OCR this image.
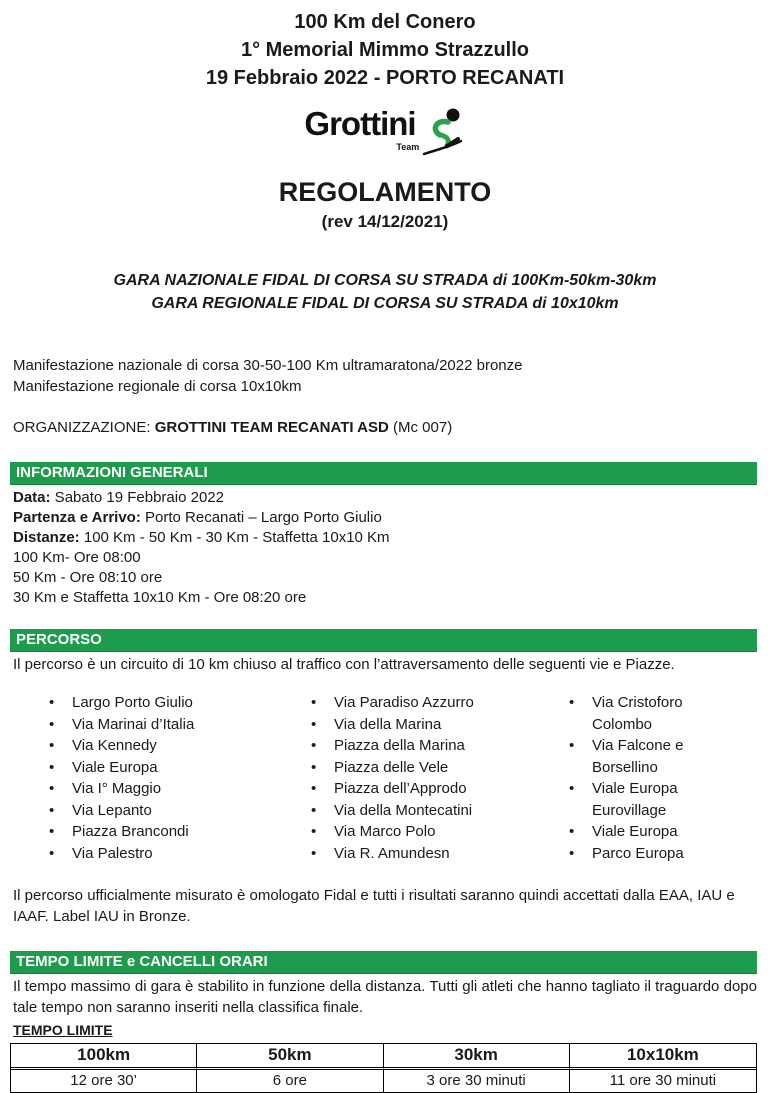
100 Km del Conero
1° Memorial Mimmo Strazzullo
19 Febbraio 2022 - PORTO RECANATI
Grottini
Team
REGOLAMENTO
(rev 14/12/2021)
GARA NAZIONALE FIDAL DI CORSA SU STRADA di 100Km-50km-30km
GARA REGIONALE FIDAL DI CORSA SU STRADA di 10x10km
Manifestazione nazionale di corsa 30-50-100 Km ultramaratona/2022 bronze
Manifestazione regionale di corsa 10x10km
ORGANIZZAZIONE: GROTTINI TEAM RECANATI ASD (Mc 007)
INFORMAZIONI GENERALI
Data: Sabato 19 Febbraio 2022
Partenza e Arrivo: Porto Recanati – Largo Porto Giulio
Distanze: 100 Km - 50 Km - 30 Km - Staffetta 10x10 Km
100 Km- Ore 08:00
50 Km - Ore 08:10 ore
30 Km e Staffetta 10x10 Km - Ore 08:20 ore
PERCORSO
Il percorso è un circuito di 10 km chiuso al traffico con l’attraversamento delle seguenti vie e Piazze.
• Largo Porto Giulio
• Via Marinai d’Italia
• Via Kennedy
• Viale Europa
• Via I° Maggio
• Via Lepanto
• Piazza Brancondi
• Via Palestro
• Via Paradiso Azzurro
• Via della Marina
• Piazza della Marina
• Piazza delle Vele
• Piazza dell’Approdo
• Via della Montecatini
• Via Marco Polo
• Via R. Amundesn
• Via Cristoforo Colombo
• Via Falcone e Borsellino
• Viale Europa Eurovillage
• Viale Europa
• Parco Europa
Il percorso ufficialmente misurato è omologato Fidal e tutti i risultati saranno quindi accettati dalla EAA, IAU e IAAF. Label IAU in Bronze.
TEMPO LIMITE e CANCELLI ORARI
Il tempo massimo di gara è stabilito in funzione della distanza. Tutti gli atleti che hanno tagliato il traguardo dopo tale tempo non saranno inseriti nella classifica finale.
TEMPO LIMITE
100km	50km	30km	10x10km
12 ore 30’	6 ore	3 ore 30 minuti	11 ore 30 minuti
